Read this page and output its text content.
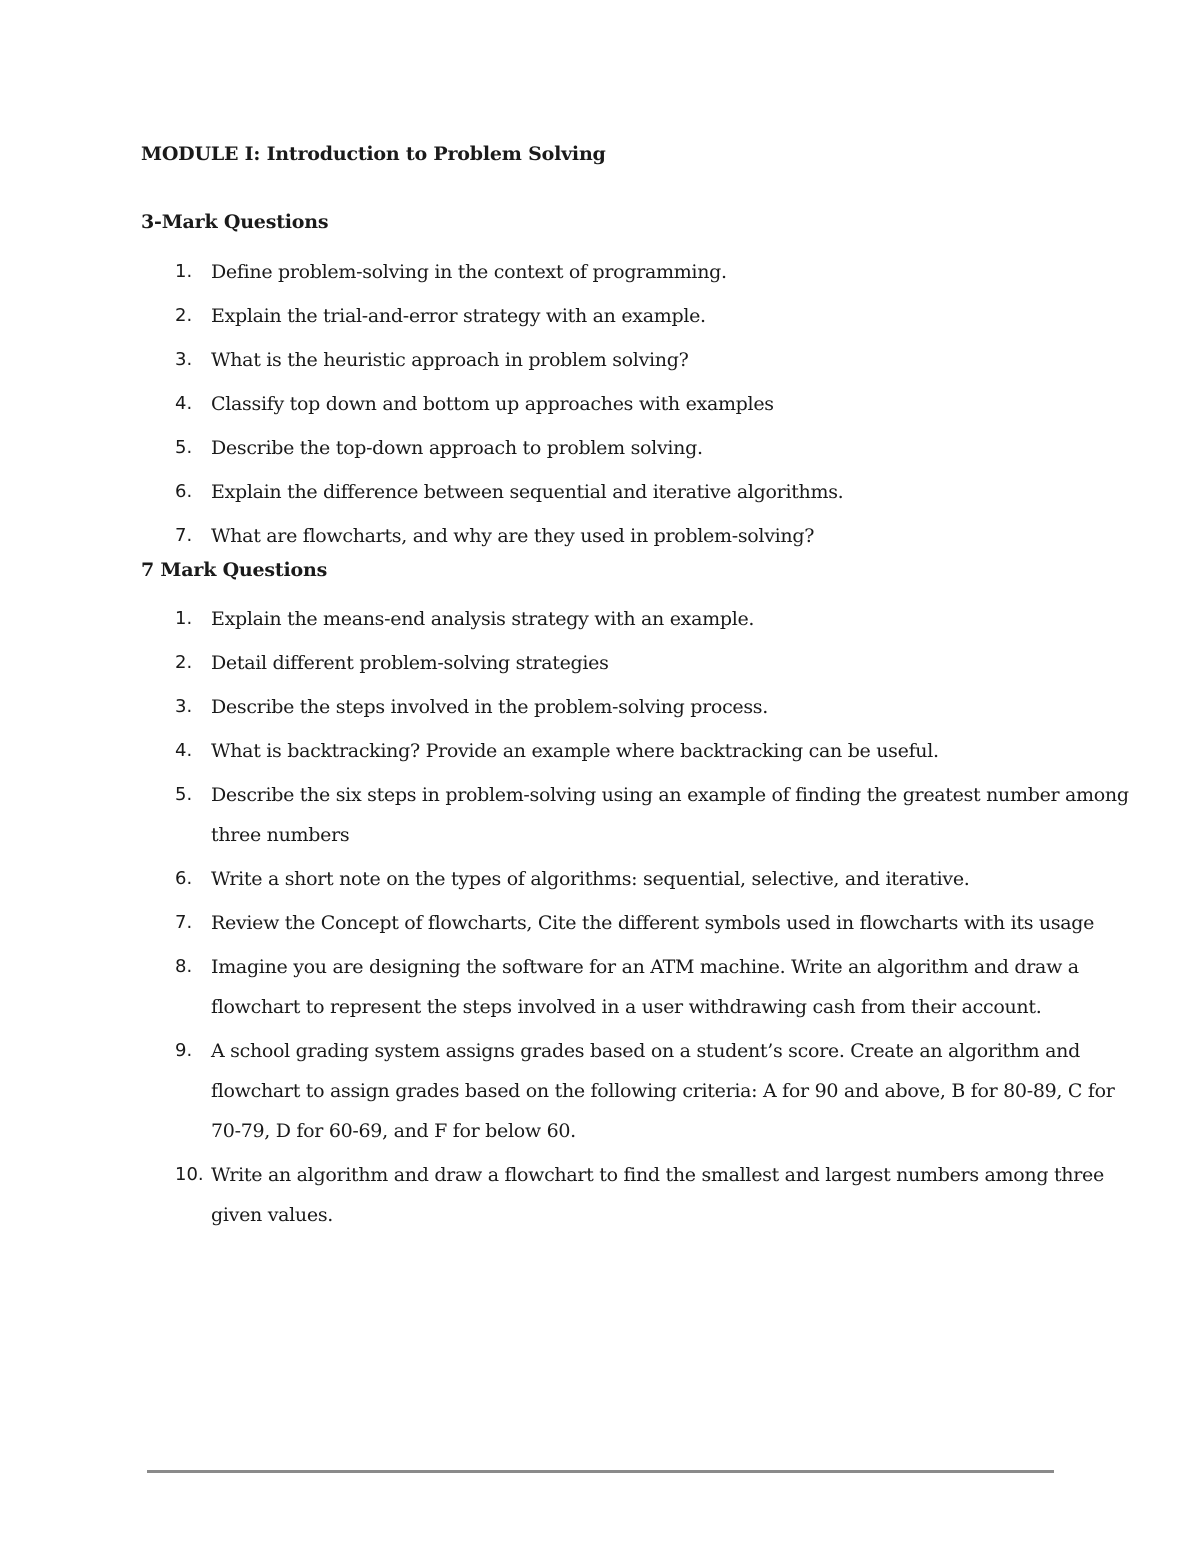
MODULE I: Introduction to Problem Solving
3-Mark Questions
1. Define problem-solving in the context of programming.
2. Explain the trial-and-error strategy with an example.
3. What is the heuristic approach in problem solving?
4. Classify top down and bottom up approaches with examples
5. Describe the top-down approach to problem solving.
6. Explain the difference between sequential and iterative algorithms.
7. What are flowcharts, and why are they used in problem-solving?
7 Mark Questions
1. Explain the means-end analysis strategy with an example.
2. Detail different problem-solving strategies
3. Describe the steps involved in the problem-solving process.
4. What is backtracking? Provide an example where backtracking can be useful.
5. Describe the six steps in problem-solving using an example of finding the greatest number among three numbers
6. Write a short note on the types of algorithms: sequential, selective, and iterative.
7. Review the Concept of flowcharts, Cite the different symbols used in flowcharts with its usage
8. Imagine you are designing the software for an ATM machine. Write an algorithm and draw a flowchart to represent the steps involved in a user withdrawing cash from their account.
9. A school grading system assigns grades based on a student’s score. Create an algorithm and flowchart to assign grades based on the following criteria: A for 90 and above, B for 80-89, C for 70-79, D for 60-69, and F for below 60.
10. Write an algorithm and draw a flowchart to find the smallest and largest numbers among three given values.
